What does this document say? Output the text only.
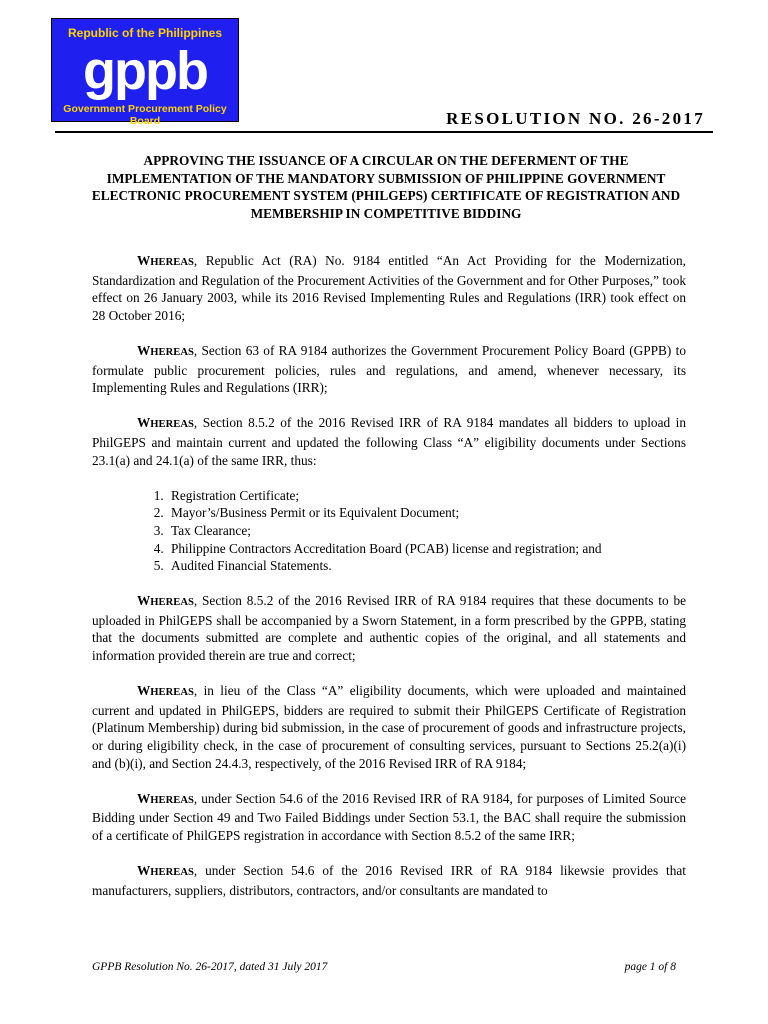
Republic of the Philippines
gppb
Government Procurement Policy Board	RESOLUTION NO. 26-2017
APPROVING THE ISSUANCE OF A CIRCULAR ON THE DEFERMENT OF THE IMPLEMENTATION OF THE MANDATORY SUBMISSION OF PHILIPPINE GOVERNMENT ELECTRONIC PROCUREMENT SYSTEM (PHILGEPS) CERTIFICATE OF REGISTRATION AND MEMBERSHIP IN COMPETITIVE BIDDING

WHEREAS, Republic Act (RA) No. 9184 entitled “An Act Providing for the Modernization, Standardization and Regulation of the Procurement Activities of the Government and for Other Purposes,” took effect on 26 January 2003, while its 2016 Revised Implementing Rules and Regulations (IRR) took effect on 28 October 2016;

WHEREAS, Section 63 of RA 9184 authorizes the Government Procurement Policy Board (GPPB) to formulate public procurement policies, rules and regulations, and amend, whenever necessary, its Implementing Rules and Regulations (IRR);

WHEREAS, Section 8.5.2 of the 2016 Revised IRR of RA 9184 mandates all bidders to upload in PhilGEPS and maintain current and updated the following Class “A” eligibility documents under Sections 23.1(a) and 24.1(a) of the same IRR, thus:

1. Registration Certificate;
2. Mayor’s/Business Permit or its Equivalent Document;
3. Tax Clearance;
4. Philippine Contractors Accreditation Board (PCAB) license and registration; and
5. Audited Financial Statements.

WHEREAS, Section 8.5.2 of the 2016 Revised IRR of RA 9184 requires that these documents to be uploaded in PhilGEPS shall be accompanied by a Sworn Statement, in a form prescribed by the GPPB, stating that the documents submitted are complete and authentic copies of the original, and all statements and information provided therein are true and correct;

WHEREAS, in lieu of the Class “A” eligibility documents, which were uploaded and maintained current and updated in PhilGEPS, bidders are required to submit their PhilGEPS Certificate of Registration (Platinum Membership) during bid submission, in the case of procurement of goods and infrastructure projects, or during eligibility check, in the case of procurement of consulting services, pursuant to Sections 25.2(a)(i) and (b)(i), and Section 24.4.3, respectively, of the 2016 Revised IRR of RA 9184;

WHEREAS, under Section 54.6 of the 2016 Revised IRR of RA 9184, for purposes of Limited Source Bidding under Section 49 and Two Failed Biddings under Section 53.1, the BAC shall require the submission of a certificate of PhilGEPS registration in accordance with Section 8.5.2 of the same IRR;

WHEREAS, under Section 54.6 of the 2016 Revised IRR of RA 9184 likewsie provides that manufacturers, suppliers, distributors, contractors, and/or consultants are mandated to

GPPB Resolution No. 26-2017, dated 31 July 2017	page 1 of 8
